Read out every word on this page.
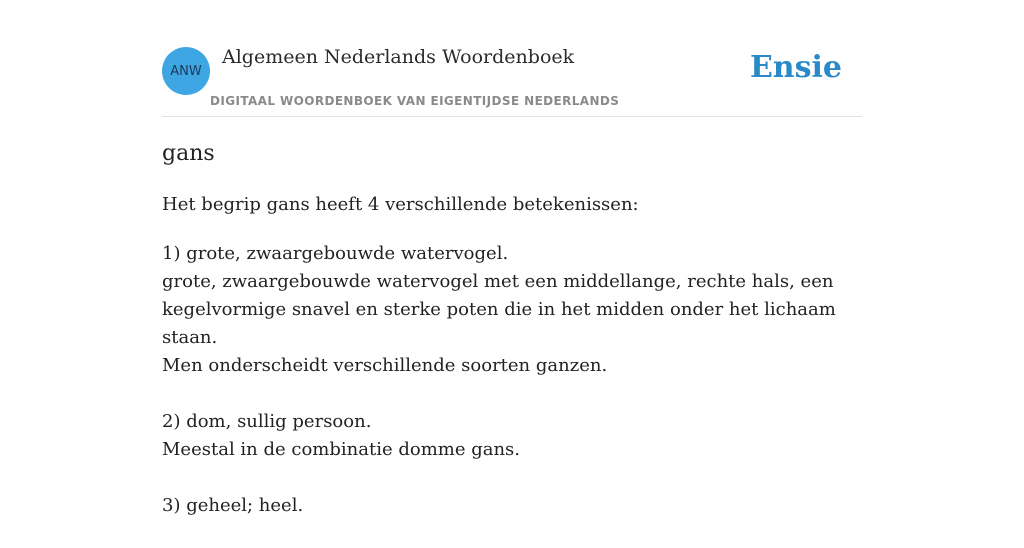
ANW
Algemeen Nederlands Woordenboek
DIGITAAL WOORDENBOEK VAN EIGENTIJDSE NEDERLANDS
Ensie
gans
Het begrip gans heeft 4 verschillende betekenissen:
1) grote, zwaargebouwde watervogel.
grote, zwaargebouwde watervogel met een middellange, rechte hals, een
kegelvormige snavel en sterke poten die in het midden onder het lichaam staan.
Men onderscheidt verschillende soorten ganzen.
2) dom, sullig persoon.
Meestal in de combinatie domme gans.
3) geheel; heel.
